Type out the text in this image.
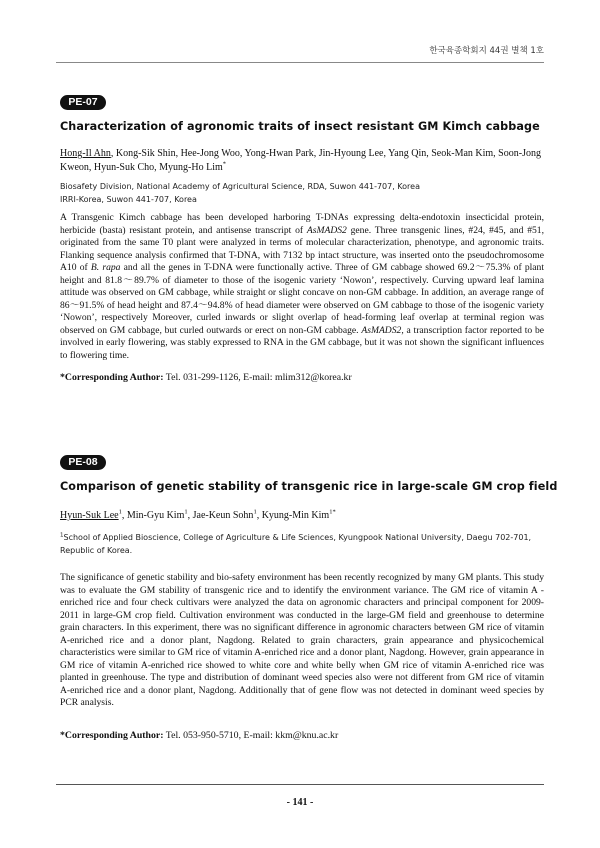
한국육종학회지 44권 별책 1호
PE-07
Characterization of agronomic traits of insect resistant GM Kimch cabbage
Hong-Il Ahn, Kong-Sik Shin, Hee-Jong Woo, Yong-Hwan Park, Jin-Hyoung Lee, Yang Qin, Seok-Man Kim, Soon-Jong Kweon, Hyun-Suk Cho, Myung-Ho Lim*
Biosafety Division, National Academy of Agricultural Science, RDA, Suwon 441-707, Korea
IRRI-Korea, Suwon 441-707, Korea

A Transgenic Kimch cabbage has been developed harboring T-DNAs expressing delta-endotoxin insecticidal protein, herbicide (basta) resistant protein, and antisense transcript of AsMADS2 gene. Three transgenic lines, #24, #45, and #51, originated from the same T0 plant were analyzed in terms of molecular characterization, phenotype, and agronomic traits. Flanking sequence analysis confirmed that T-DNA, with 7132 bp intact structure, was inserted onto the pseudochromosome A10 of B. rapa and all the genes in T-DNA were functionally active. Three of GM cabbage showed 69.2～75.3% of plant height and 81.8～89.7% of diameter to those of the isogenic variety ‘Nowon’, respectively. Curving upward leaf lamina attitude was observed on GM cabbage, while straight or slight concave on non-GM cabbage. In addition, an average range of 86～91.5% of head height and 87.4～94.8% of head diameter were observed on GM cabbage to those of the isogenic variety ‘Nowon’, respectively Moreover, curled inwards or slight overlap of head-forming leaf overlap at terminal region was observed on GM cabbage, but curled outwards or erect on non-GM cabbage. AsMADS2, a transcription factor reported to be involved in early flowering, was stably expressed to RNA in the GM cabbage, but it was not shown the significant influences to flowering time.

*Corresponding Author: Tel. 031-299-1126, E-mail: mlim312@korea.kr
PE-08
Comparison of genetic stability of transgenic rice in large-scale GM crop field
Hyun-Suk Lee$^1$, Min-Gyu Kim$^1$, Jae-Keun Sohn$^1$, Kyung-Min Kim$^{1*}$
$^1$School of Applied Bioscience, College of Agriculture & Life Sciences, Kyungpook National University, Daegu 702-701, Republic of Korea.

The significance of genetic stability and bio-safety environment has been recently recognized by many GM plants. This study was to evaluate the GM stability of transgenic rice and to identify the environment variance. The GM rice of vitamin A -enriched rice and four check cultivars were analyzed the data on agronomic characters and principal component for 2009-2011 in large-GM crop field. Cultivation environment was conducted in the large-GM field and greenhouse to determine grain characters. In this experiment, there was no significant difference in agronomic characters between GM rice of vitamin A-enriched rice and a donor plant, Nagdong. Related to grain characters, grain appearance and physicochemical characteristics were similar to GM rice of vitamin A-enriched rice and a donor plant, Nagdong. However, grain appearance in GM rice of vitamin A-enriched rice showed to white core and white belly when GM rice of vitamin A-enriched rice was planted in greenhouse. The type and distribution of dominant weed species also were not different from GM rice of vitamin A-enriched rice and a donor plant, Nagdong. Additionally that of gene flow was not detected in dominant weed species by PCR analysis.

*Corresponding Author: Tel. 053-950-5710, E-mail: kkm@knu.ac.kr
- 141 -
